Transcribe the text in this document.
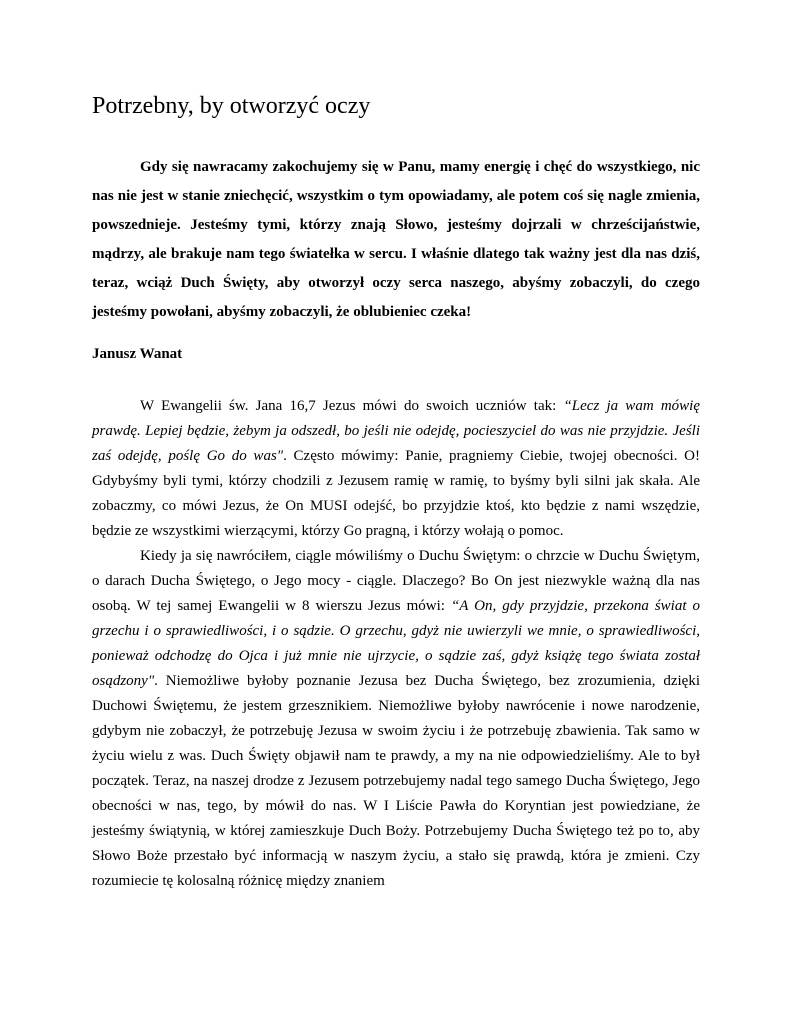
Potrzebny, by otworzyć oczy

Gdy się nawracamy zakochujemy się w Panu, mamy energię i chęć do wszystkiego, nic nas nie jest w stanie zniechęcić, wszystkim o tym opowiadamy, ale potem coś się nagle zmienia, powszednieje. Jesteśmy tymi, którzy znają Słowo, jesteśmy dojrzali w chrześcijaństwie, mądrzy, ale brakuje nam tego światełka w sercu. I właśnie dlatego tak ważny jest dla nas dziś, teraz, wciąż Duch Święty, aby otworzył oczy serca naszego, abyśmy zobaczyli, do czego jesteśmy powołani, abyśmy zobaczyli, że oblubieniec czeka!

Janusz Wanat

W Ewangelii św. Jana 16,7 Jezus mówi do swoich uczniów tak: “Lecz ja wam mówię prawdę. Lepiej będzie, żebym ja odszedł, bo jeśli nie odejdę, pocieszyciel do was nie przyjdzie. Jeśli zaś odejdę, poślę Go do was". Często mówimy: Panie, pragniemy Ciebie, twojej obecności. O! Gdybyśmy byli tymi, którzy chodzili z Jezusem ramię w ramię, to byśmy byli silni jak skała. Ale zobaczmy, co mówi Jezus, że On MUSI odejść, bo przyjdzie ktoś, kto będzie z nami wszędzie, będzie ze wszystkimi wierzącymi, którzy Go pragną, i którzy wołają o pomoc.

Kiedy ja się nawróciłem, ciągle mówiliśmy o Duchu Świętym: o chrzcie w Duchu Świętym, o darach Ducha Świętego, o Jego mocy - ciągle. Dlaczego? Bo On jest niezwykle ważną dla nas osobą. W tej samej Ewangelii w 8 wierszu Jezus mówi: “A On, gdy przyjdzie, przekona świat o grzechu i o sprawiedliwości, i o sądzie. O grzechu, gdyż nie uwierzyli we mnie, o sprawiedliwości, ponieważ odchodzę do Ojca i już mnie nie ujrzycie, o sądzie zaś, gdyż książę tego świata został osądzony". Niemożliwe byłoby poznanie Jezusa bez Ducha Świętego, bez zrozumienia, dzięki Duchowi Świętemu, że jestem grzesznikiem. Niemożliwe byłoby nawrócenie i nowe narodzenie, gdybym nie zobaczył, że potrzebuję Jezusa w swoim życiu i że potrzebuję zbawienia. Tak samo w życiu wielu z was. Duch Święty objawił nam te prawdy, a my na nie odpowiedzieliśmy. Ale to był początek. Teraz, na naszej drodze z Jezusem potrzebujemy nadal tego samego Ducha Świętego, Jego obecności w nas, tego, by mówił do nas. W I Liście Pawła do Koryntian jest powiedziane, że jesteśmy świątynią, w której zamieszkuje Duch Boży. Potrzebujemy Ducha Świętego też po to, aby Słowo Boże przestało być informacją w naszym życiu, a stało się prawdą, która je zmieni. Czy rozumiecie tę kolosalną różnicę między znaniem
